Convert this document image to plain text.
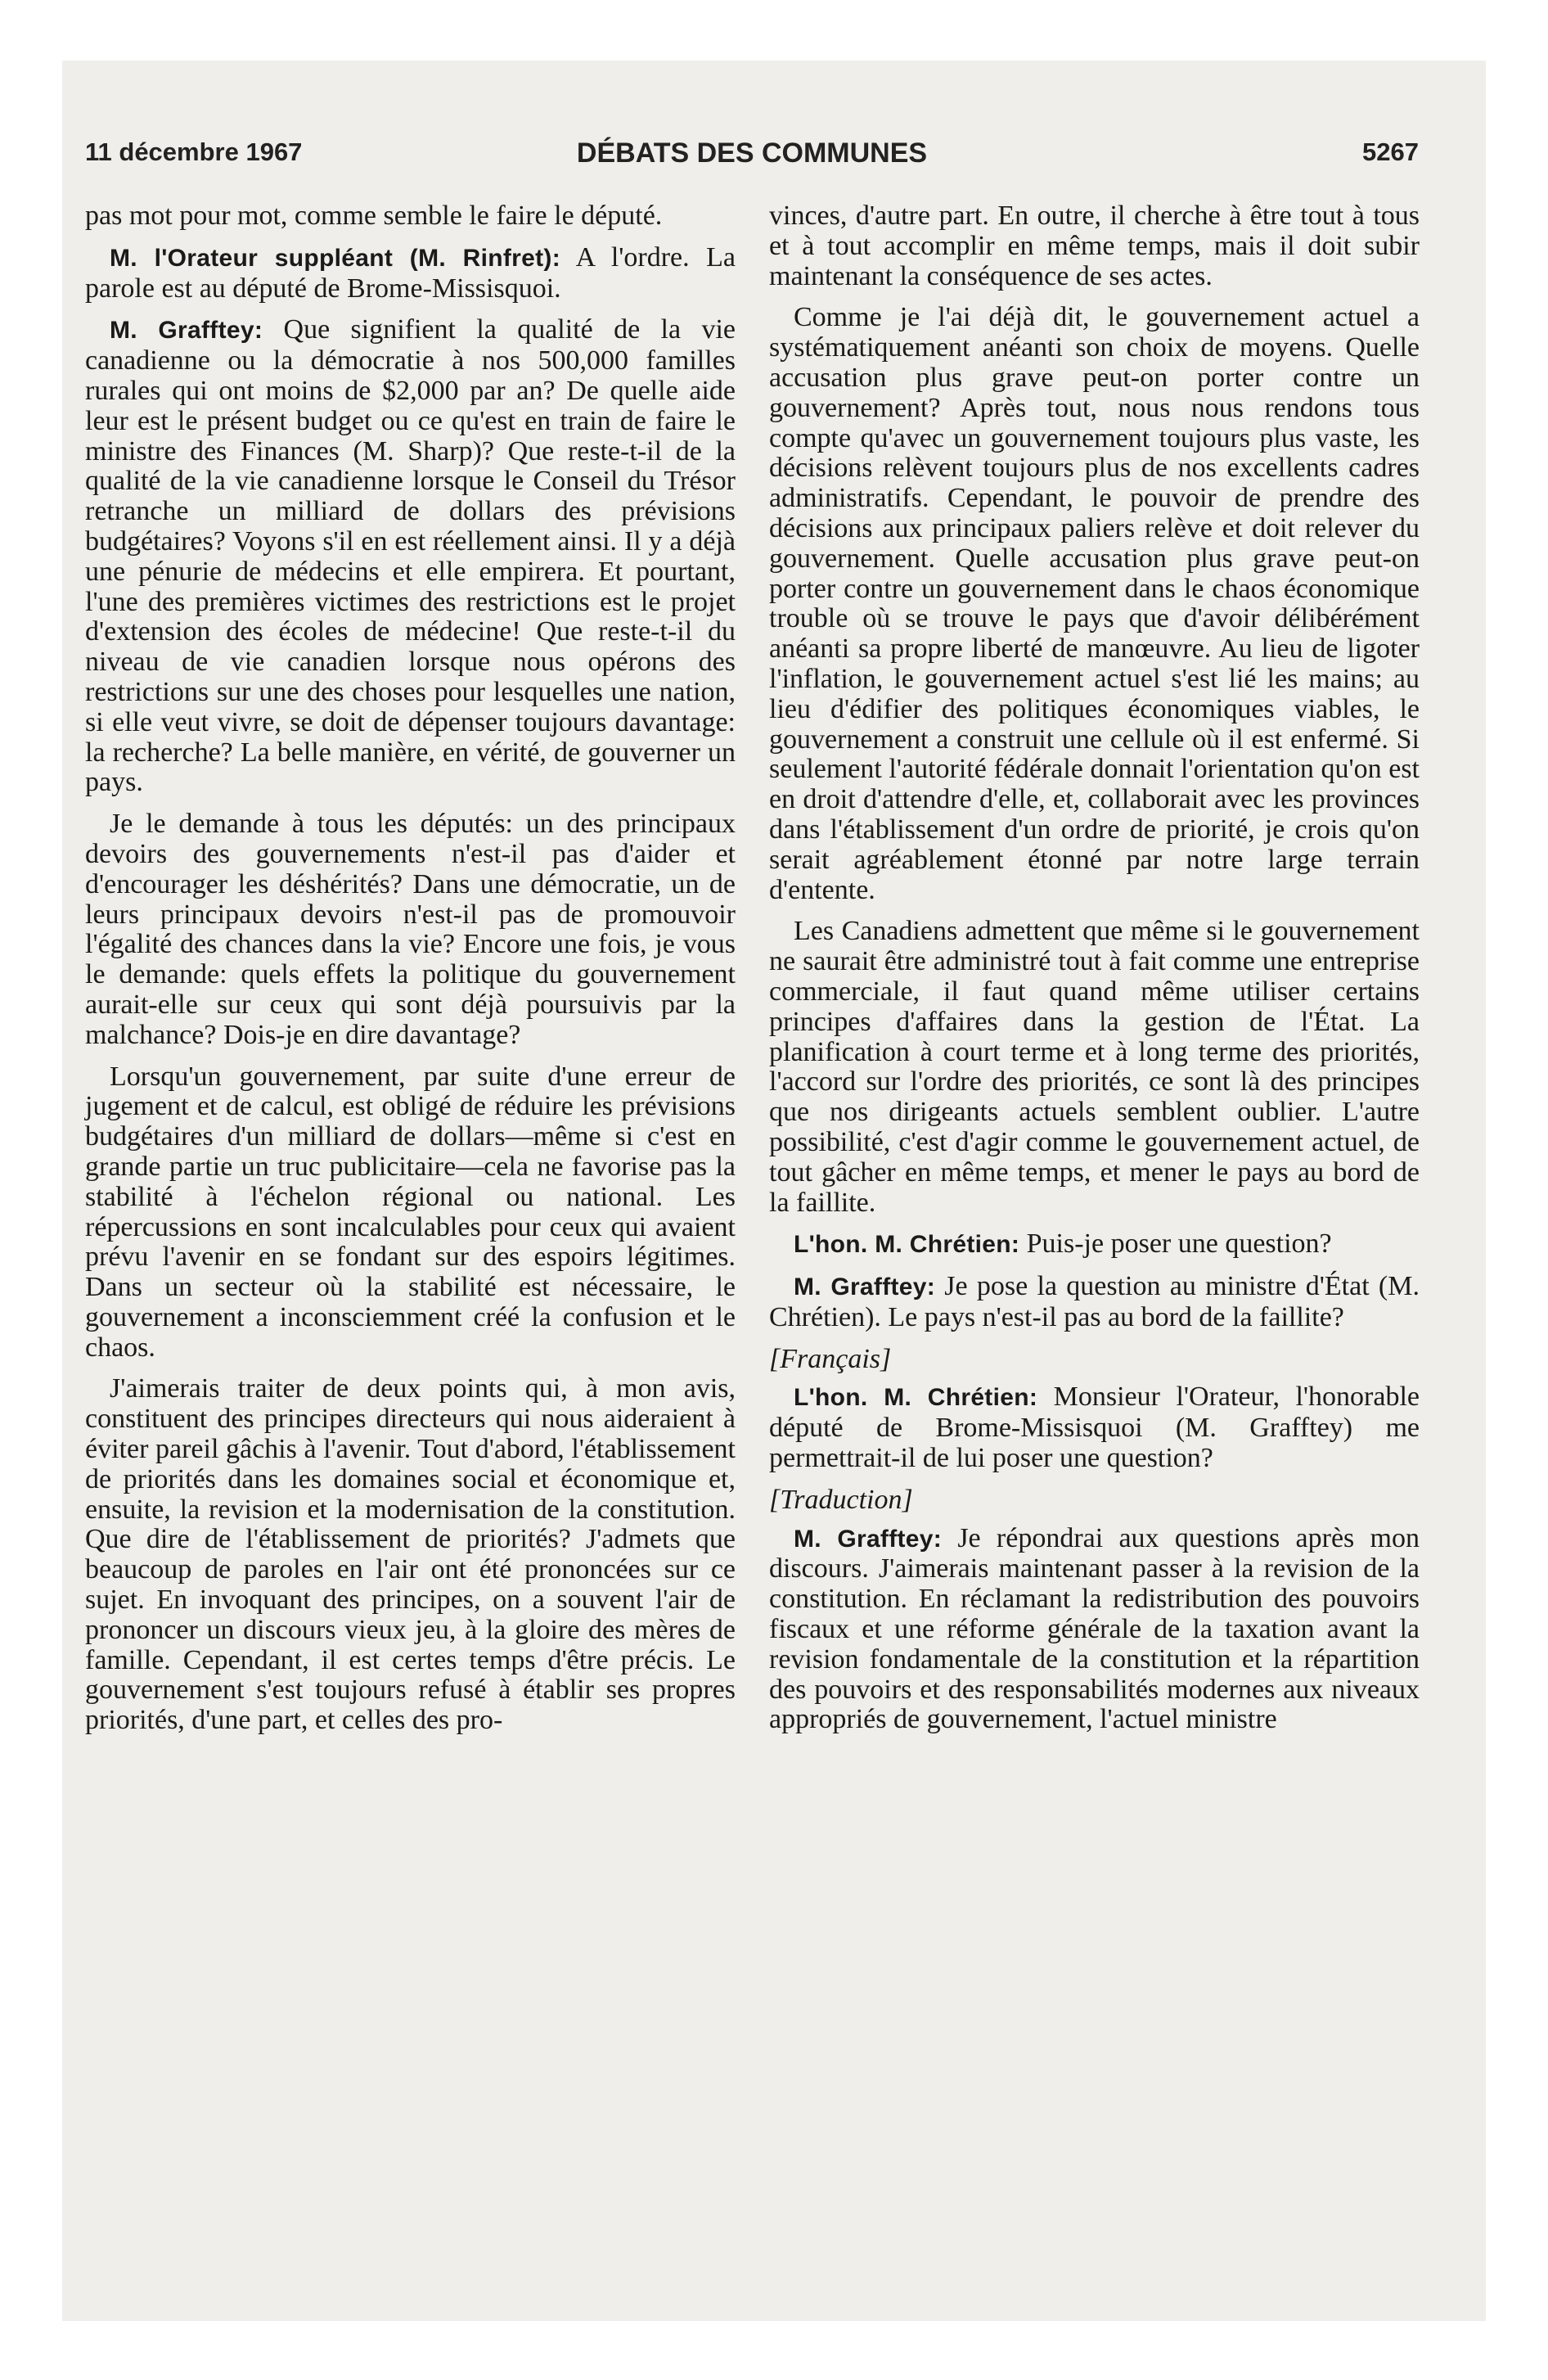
11 décembre 1967	DÉBATS DES COMMUNES	5267

pas mot pour mot, comme semble le faire le député.

M. l'Orateur suppléant (M. Rinfret): A l'ordre. La parole est au député de Brome-Missisquoi.

M. Grafftey: Que signifient la qualité de la vie canadienne ou la démocratie à nos 500,000 familles rurales qui ont moins de $2,000 par an? De quelle aide leur est le présent budget ou ce qu'est en train de faire le ministre des Finances (M. Sharp)? Que reste-t-il de la qualité de la vie canadienne lorsque le Conseil du Trésor retranche un milliard de dollars des prévisions budgétaires? Voyons s'il en est réellement ainsi. Il y a déjà une pénurie de médecins et elle empirera. Et pourtant, l'une des premières victimes des restrictions est le projet d'extension des écoles de médecine! Que reste-t-il du niveau de vie canadien lorsque nous opérons des restrictions sur une des choses pour lesquelles une nation, si elle veut vivre, se doit de dépenser toujours davantage: la recherche? La belle manière, en vérité, de gouverner un pays.

Je le demande à tous les députés: un des principaux devoirs des gouvernements n'est-il pas d'aider et d'encourager les déshérités? Dans une démocratie, un de leurs principaux devoirs n'est-il pas de promouvoir l'égalité des chances dans la vie? Encore une fois, je vous le demande: quels effets la politique du gouvernement aurait-elle sur ceux qui sont déjà poursuivis par la malchance? Dois-je en dire davantage?

Lorsqu'un gouvernement, par suite d'une erreur de jugement et de calcul, est obligé de réduire les prévisions budgétaires d'un milliard de dollars—même si c'est en grande partie un truc publicitaire—cela ne favorise pas la stabilité à l'échelon régional ou national. Les répercussions en sont incalculables pour ceux qui avaient prévu l'avenir en se fondant sur des espoirs légitimes. Dans un secteur où la stabilité est nécessaire, le gouvernement a inconsciemment créé la confusion et le chaos.

J'aimerais traiter de deux points qui, à mon avis, constituent des principes directeurs qui nous aideraient à éviter pareil gâchis à l'avenir. Tout d'abord, l'établissement de priorités dans les domaines social et économique et, ensuite, la revision et la modernisation de la constitution. Que dire de l'établissement de priorités? J'admets que beaucoup de paroles en l'air ont été prononcées sur ce sujet. En invoquant des principes, on a souvent l'air de prononcer un discours vieux jeu, à la gloire des mères de famille. Cependant, il est certes temps d'être précis. Le gouvernement s'est toujours refusé à établir ses propres priorités, d'une part, et celles des pro-

vinces, d'autre part. En outre, il cherche à être tout à tous et à tout accomplir en même temps, mais il doit subir maintenant la conséquence de ses actes.

Comme je l'ai déjà dit, le gouvernement actuel a systématiquement anéanti son choix de moyens. Quelle accusation plus grave peut-on porter contre un gouvernement? Après tout, nous nous rendons tous compte qu'avec un gouvernement toujours plus vaste, les décisions relèvent toujours plus de nos excellents cadres administratifs. Cependant, le pouvoir de prendre des décisions aux principaux paliers relève et doit relever du gouvernement. Quelle accusation plus grave peut-on porter contre un gouvernement dans le chaos économique trouble où se trouve le pays que d'avoir délibérément anéanti sa propre liberté de manœuvre. Au lieu de ligoter l'inflation, le gouvernement actuel s'est lié les mains; au lieu d'édifier des politiques économiques viables, le gouvernement a construit une cellule où il est enfermé. Si seulement l'autorité fédérale donnait l'orientation qu'on est en droit d'attendre d'elle, et, collaborait avec les provinces dans l'établissement d'un ordre de priorité, je crois qu'on serait agréablement étonné par notre large terrain d'entente.

Les Canadiens admettent que même si le gouvernement ne saurait être administré tout à fait comme une entreprise commerciale, il faut quand même utiliser certains principes d'affaires dans la gestion de l'État. La planification à court terme et à long terme des priorités, l'accord sur l'ordre des priorités, ce sont là des principes que nos dirigeants actuels semblent oublier. L'autre possibilité, c'est d'agir comme le gouvernement actuel, de tout gâcher en même temps, et mener le pays au bord de la faillite.

L'hon. M. Chrétien: Puis-je poser une question?

M. Grafftey: Je pose la question au ministre d'État (M. Chrétien). Le pays n'est-il pas au bord de la faillite?

[Français]

L'hon. M. Chrétien: Monsieur l'Orateur, l'honorable député de Brome-Missisquoi (M. Grafftey) me permettrait-il de lui poser une question?

[Traduction]

M. Grafftey: Je répondrai aux questions après mon discours. J'aimerais maintenant passer à la revision de la constitution. En réclamant la redistribution des pouvoirs fiscaux et une réforme générale de la taxation avant la revision fondamentale de la constitution et la répartition des pouvoirs et des responsabilités modernes aux niveaux appropriés de gouvernement, l'actuel ministre
